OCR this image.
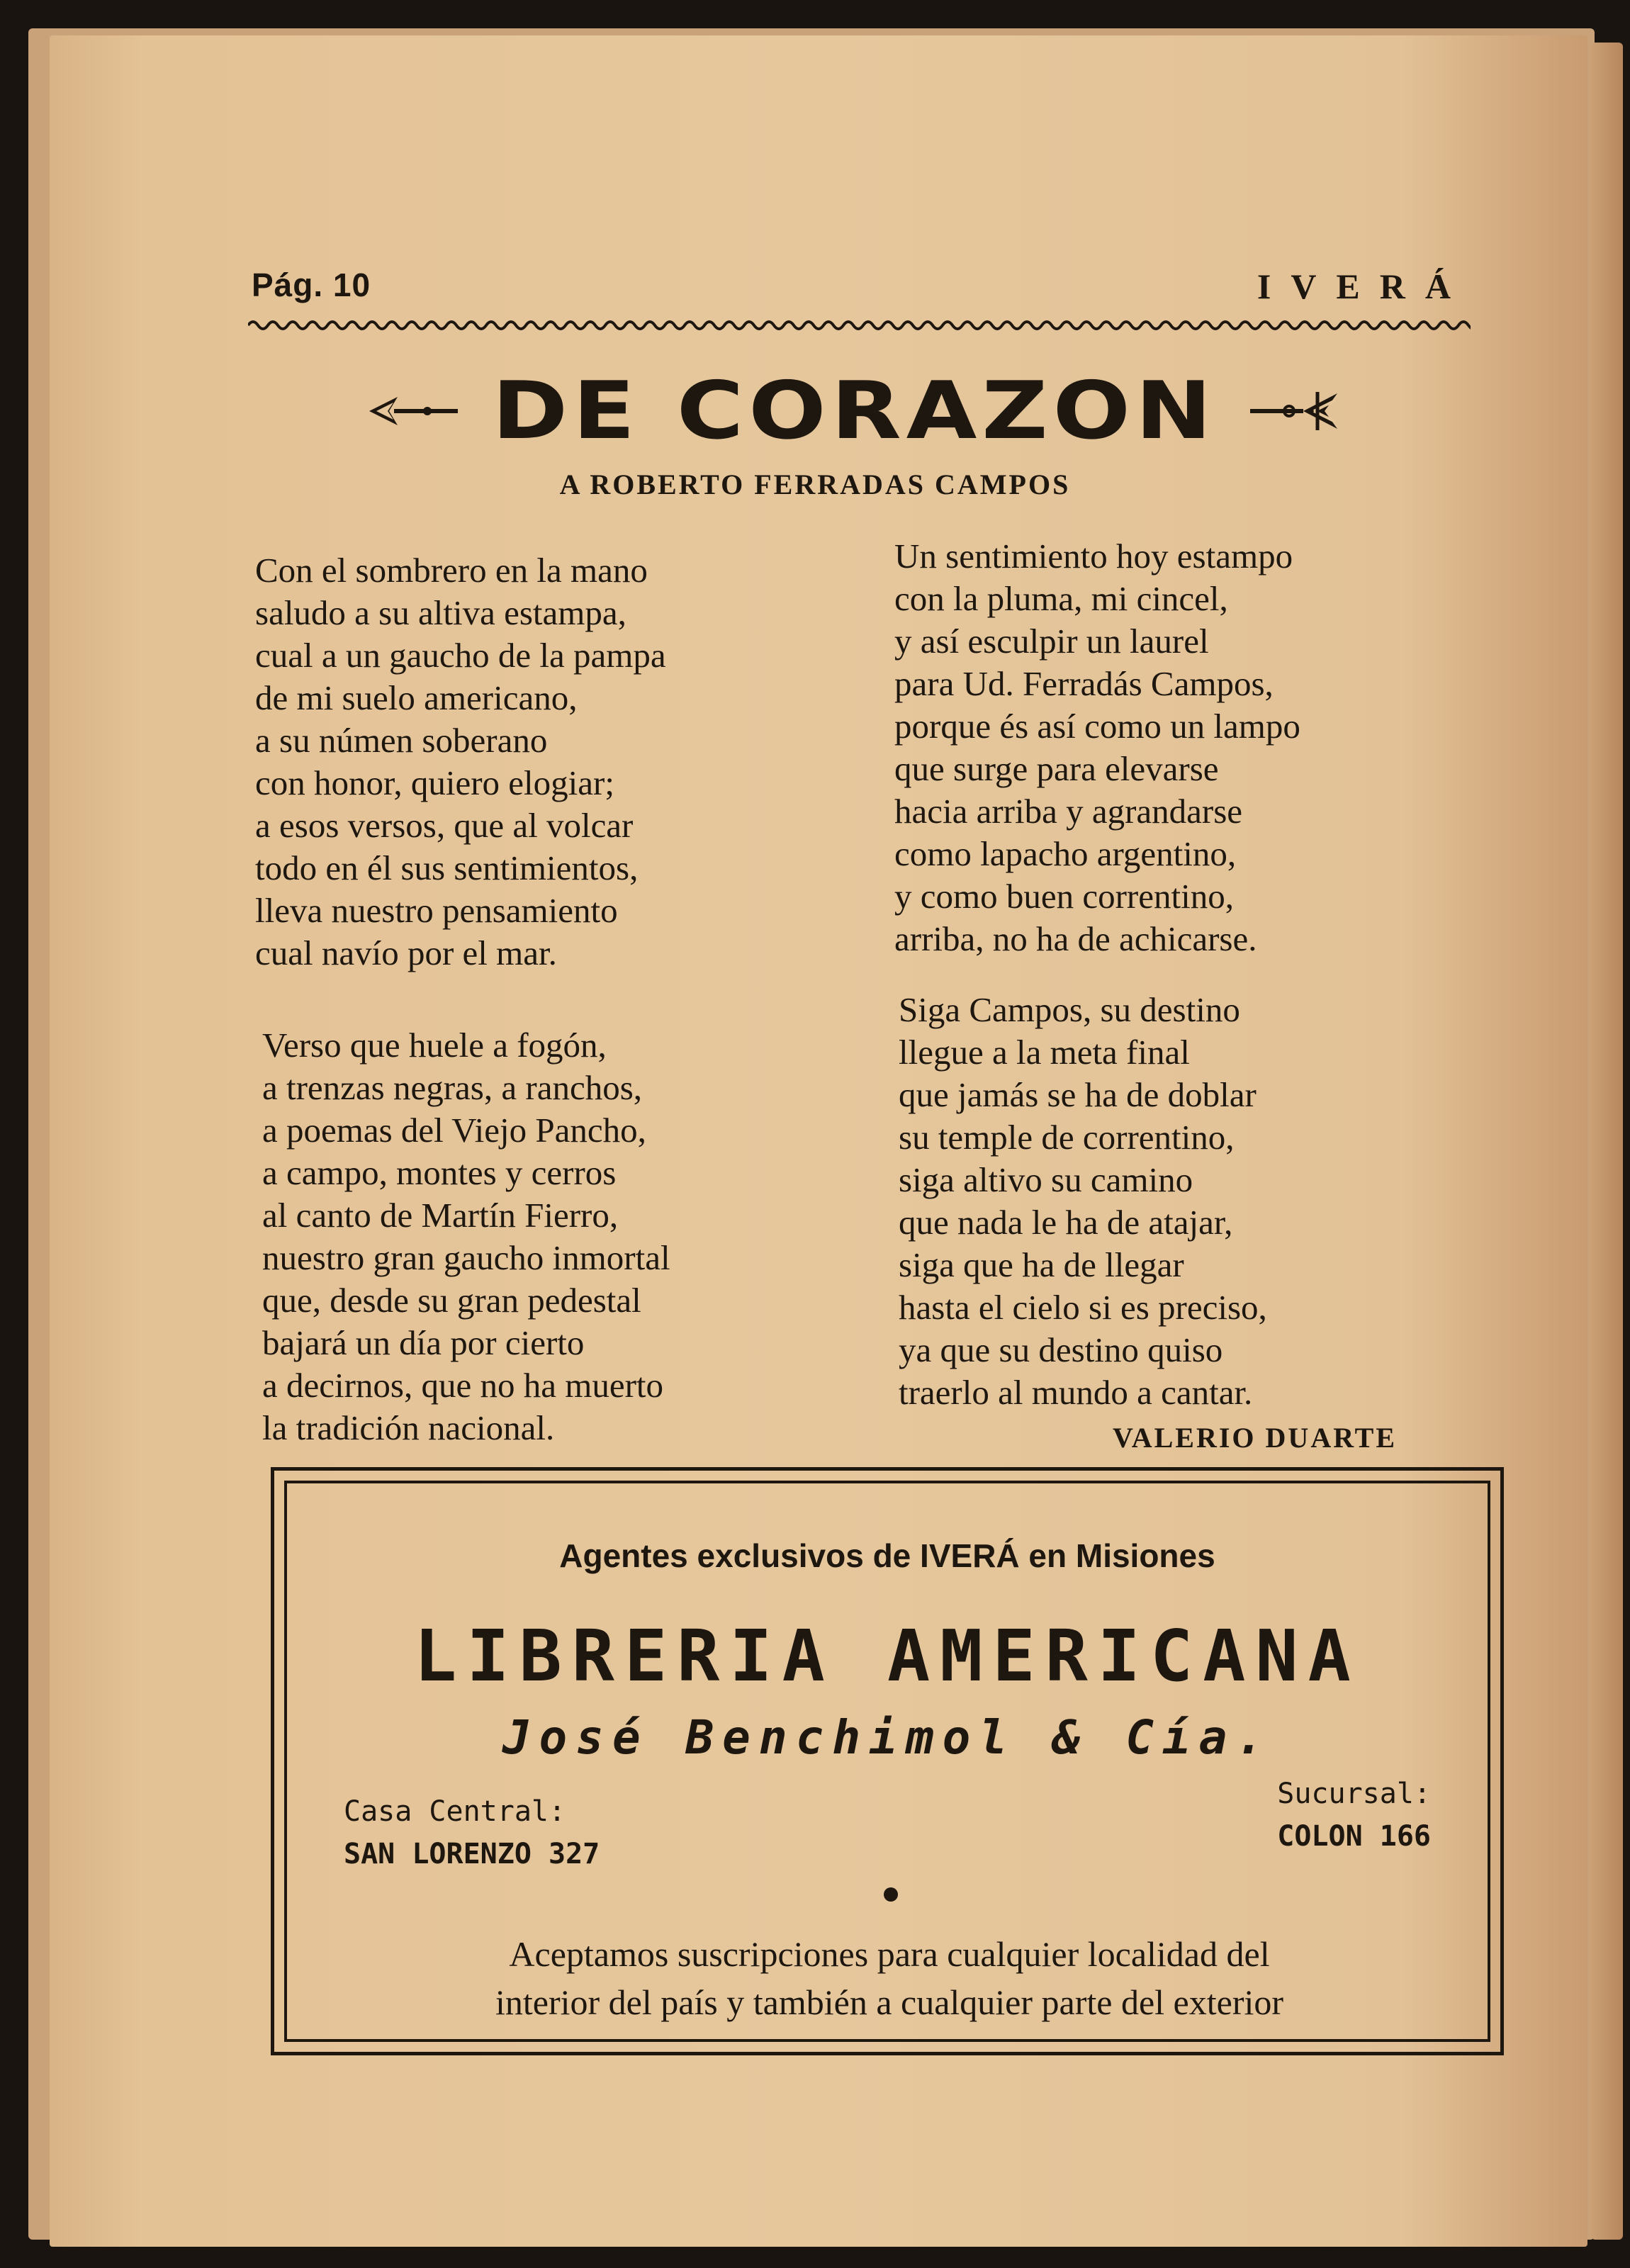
Pág. 10	IVERÁ
DE CORAZON
A ROBERTO FERRADAS CAMPOS
Con el sombrero en la mano
saludo a su altiva estampa,
cual a un gaucho de la pampa
de mi suelo americano,
a su númen soberano
con honor, quiero elogiar;
a esos versos, que al volcar
todo en él sus sentimientos,
lleva nuestro pensamiento
cual navío por el mar.
Verso que huele a fogón,
a trenzas negras, a ranchos,
a poemas del Viejo Pancho,
a campo, montes y cerros
al canto de Martín Fierro,
nuestro gran gaucho inmortal
que, desde su gran pedestal
bajará un día por cierto
a decirnos, que no ha muerto
la tradición nacional.
Un sentimiento hoy estampo
con la pluma, mi cincel,
y así esculpir un laurel
para Ud. Ferradás Campos,
porque és así como un lampo
que surge para elevarse
hacia arriba y agrandarse
como lapacho argentino,
y como buen correntino,
arriba, no ha de achicarse.
Siga Campos, su destino
llegue a la meta final
que jamás se ha de doblar
su temple de correntino,
siga altivo su camino
que nada le ha de atajar,
siga que ha de llegar
hasta el cielo si es preciso,
ya que su destino quiso
traerlo al mundo a cantar.
VALERIO DUARTE
Agentes exclusivos de IVERÁ en Misiones
LIBRERIA AMERICANA
José Benchimol & Cía.
Casa Central:
SAN LORENZO 327
Sucursal:
COLON 166
Aceptamos suscripciones para cualquier localidad del
interior del país y también a cualquier parte del exterior
